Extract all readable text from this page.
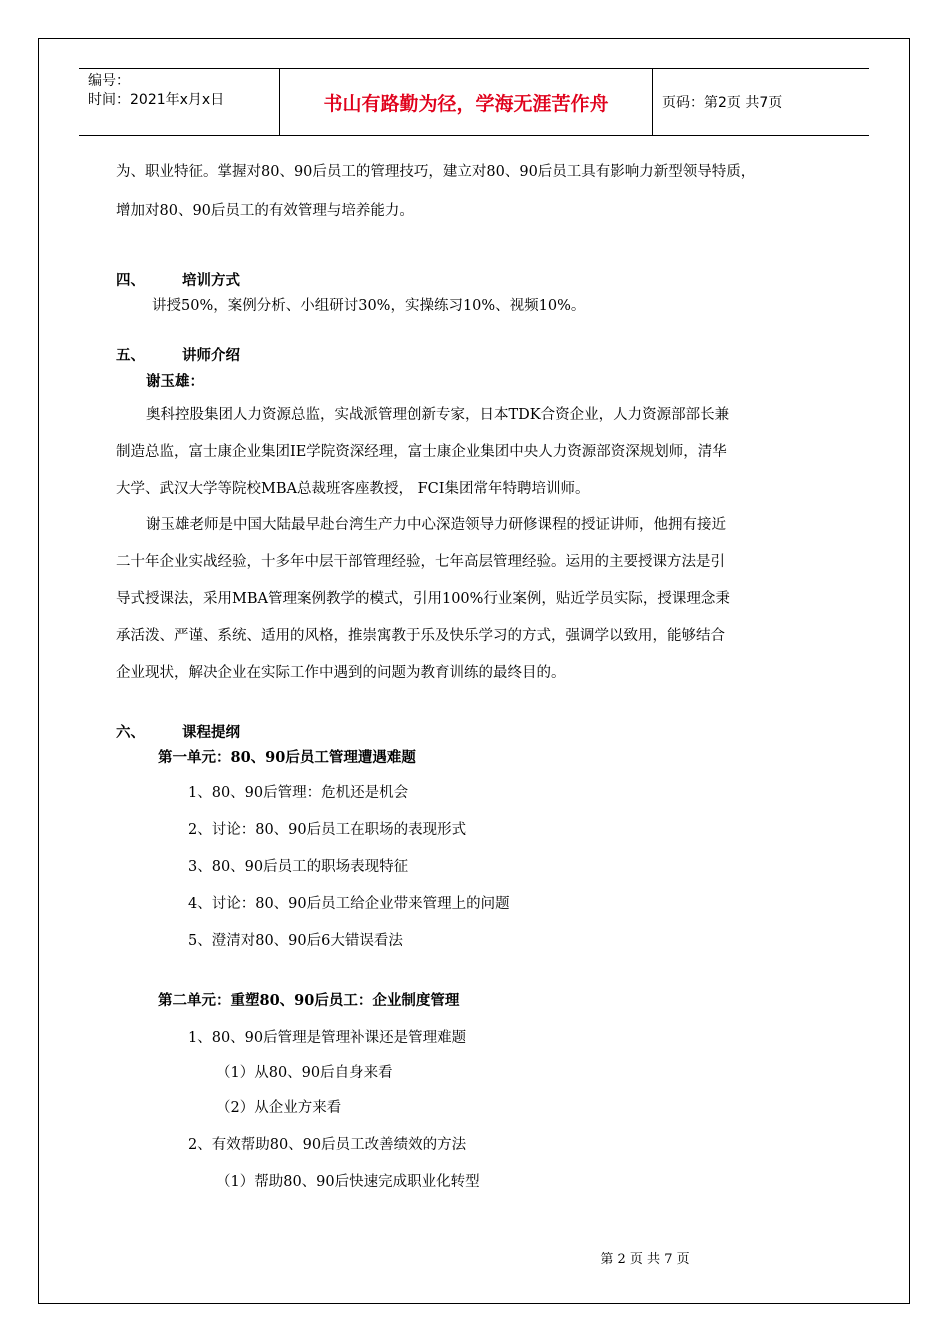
编号：
时间：2021年x月x日	书山有路勤为径，学海无涯苦作舟	页码：第2页 共7页
为、职业特征。掌握对80、90后员工的管理技巧，建立对80、90后员工具有影响力新型领导特质，
增加对80、90后员工的有效管理与培养能力。
四、	培训方式
讲授50%，案例分析、小组研讨30%，实操练习10%、视频10%。
五、	讲师介绍
谢玉雄：
奥科控股集团人力资源总监，实战派管理创新专家，日本TDK合资企业，人力资源部部长兼
制造总监，富士康企业集团IE学院资深经理，富士康企业集团中央人力资源部资深规划师，清华
大学、武汉大学等院校MBA总裁班客座教授， FCI集团常年特聘培训师。
谢玉雄老师是中国大陆最早赴台湾生产力中心深造领导力研修课程的授证讲师，他拥有接近
二十年企业实战经验，十多年中层干部管理经验，七年高层管理经验。运用的主要授课方法是引
导式授课法，采用MBA管理案例教学的模式，引用100%行业案例，贴近学员实际，授课理念秉
承活泼、严谨、系统、适用的风格，推崇寓教于乐及快乐学习的方式，强调学以致用，能够结合
企业现状，解决企业在实际工作中遇到的问题为教育训练的最终目的。
六、	课程提纲
第一单元：80、90后员工管理遭遇难题
1、80、90后管理：危机还是机会
2、讨论：80、90后员工在职场的表现形式
3、80、90后员工的职场表现特征
4、讨论：80、90后员工给企业带来管理上的问题
5、澄清对80、90后6大错误看法
第二单元：重塑80、90后员工：企业制度管理
1、80、90后管理是管理补课还是管理难题
（1）从80、90后自身来看
（2）从企业方来看
2、有效帮助80、90后员工改善绩效的方法
（1）帮助80、90后快速完成职业化转型
第 2 页 共 7 页
